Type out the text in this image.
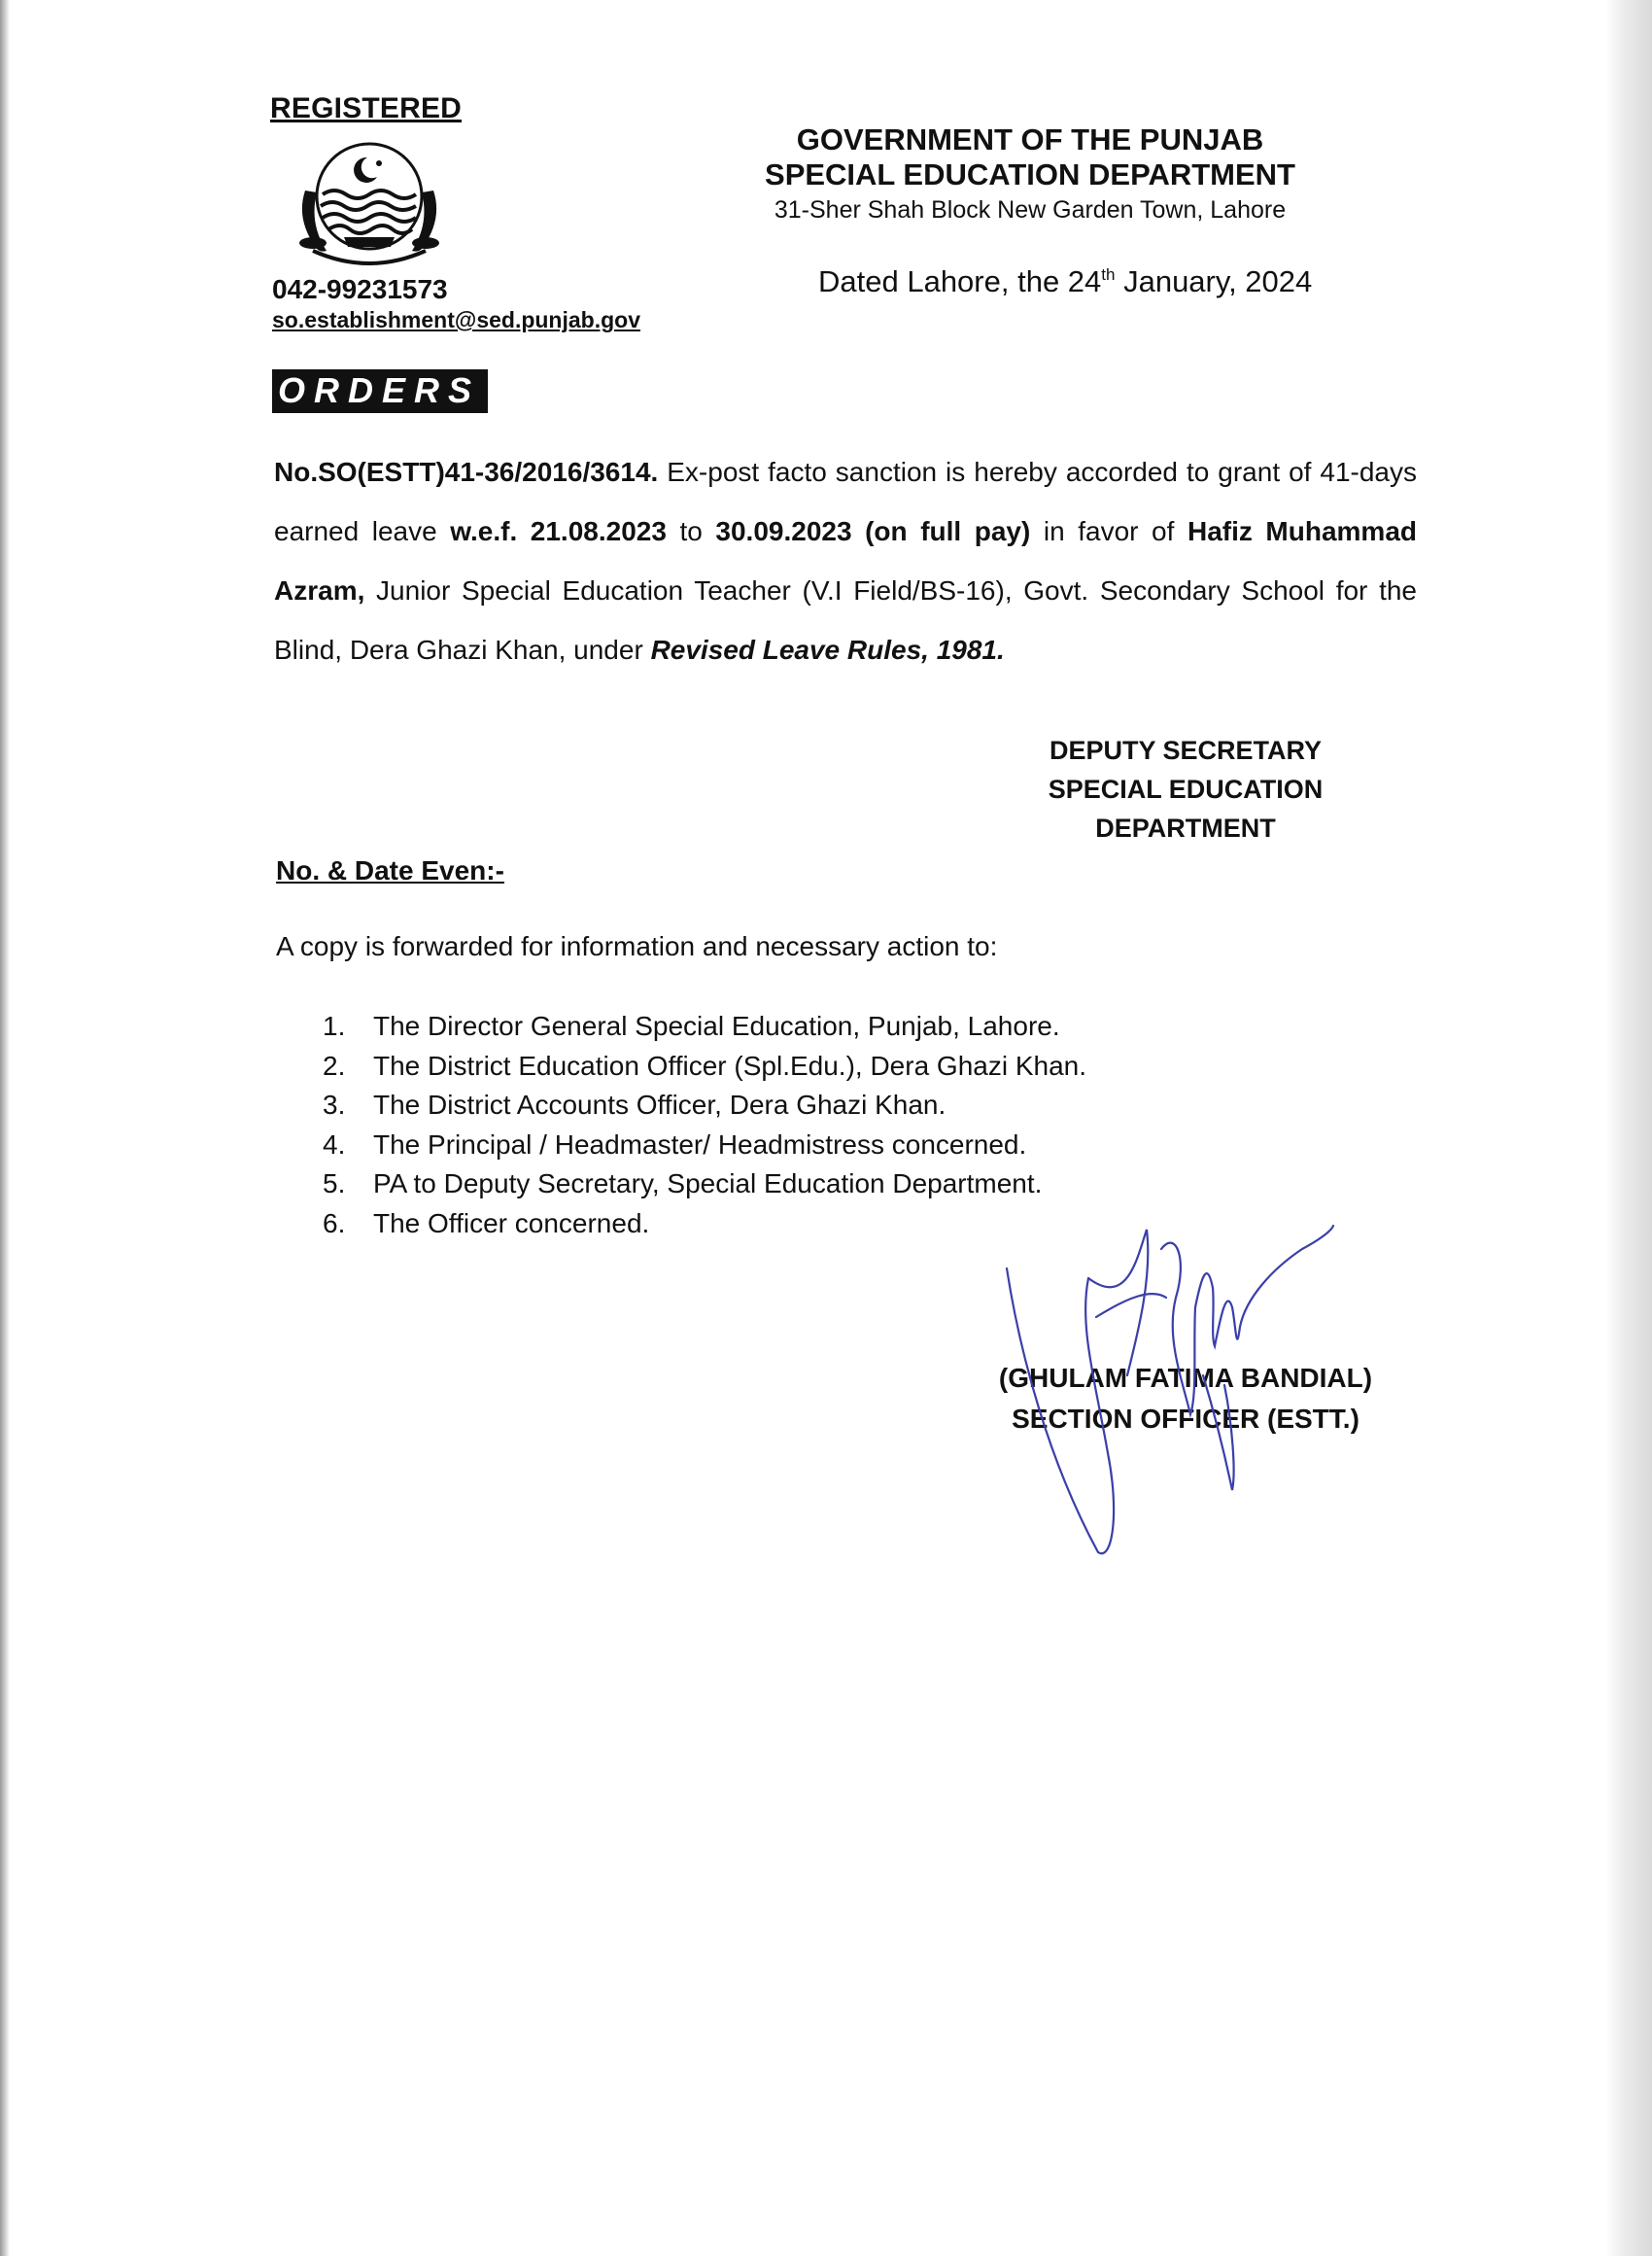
REGISTERED
042-99231573
so.establishment@sed.punjab.gov
GOVERNMENT OF THE PUNJAB
SPECIAL EDUCATION DEPARTMENT
31-Sher Shah Block New Garden Town, Lahore
Dated Lahore, the 24th January, 2024
ORDERS
No.SO(ESTT)41-36/2016/3614. Ex-post facto sanction is hereby accorded to grant of 41-days earned leave w.e.f. 21.08.2023 to 30.09.2023 (on full pay) in favor of Hafiz Muhammad Azram, Junior Special Education Teacher (V.I Field/BS-16), Govt. Secondary School for the Blind, Dera Ghazi Khan, under Revised Leave Rules, 1981.
DEPUTY SECRETARY
SPECIAL EDUCATION
DEPARTMENT
No. & Date Even:-
A copy is forwarded for information and necessary action to:
1.	The Director General Special Education, Punjab, Lahore.
2.	The District Education Officer (Spl.Edu.), Dera Ghazi Khan.
3.	The District Accounts Officer, Dera Ghazi Khan.
4.	The Principal / Headmaster/ Headmistress concerned.
5.	PA to Deputy Secretary, Special Education Department.
6.	The Officer concerned.
(GHULAM FATIMA BANDIAL)
SECTION OFFICER (ESTT.)
